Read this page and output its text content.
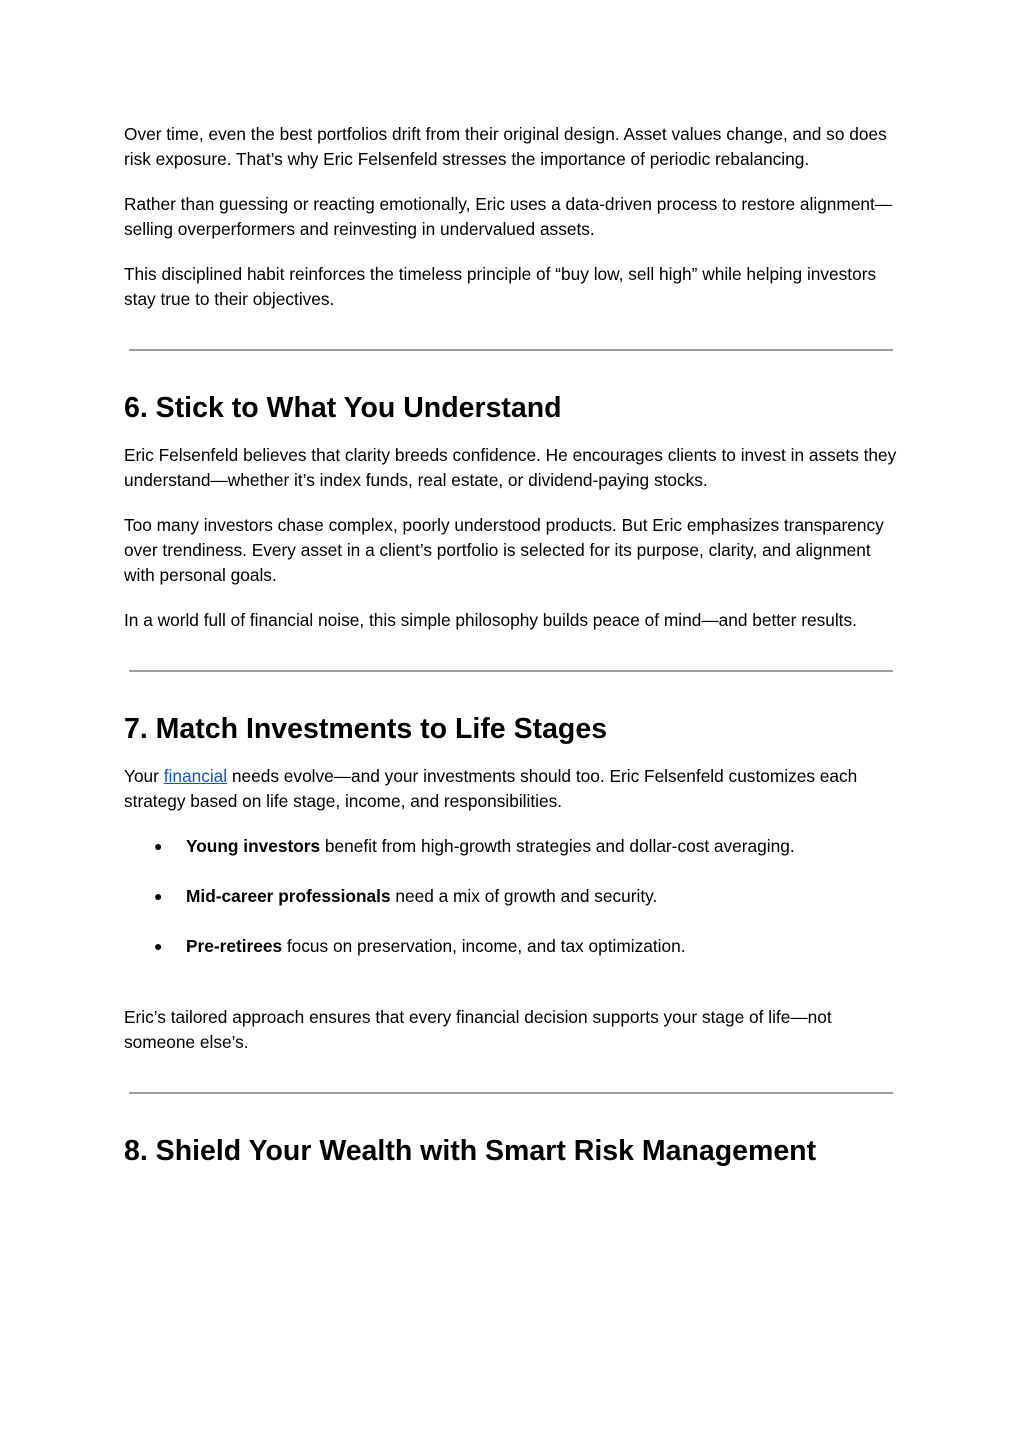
Over time, even the best portfolios drift from their original design. Asset values change, and so does risk exposure. That’s why Eric Felsenfeld stresses the importance of periodic rebalancing.

Rather than guessing or reacting emotionally, Eric uses a data-driven process to restore alignment—selling overperformers and reinvesting in undervalued assets.

This disciplined habit reinforces the timeless principle of “buy low, sell high” while helping investors stay true to their objectives.

6. Stick to What You Understand

Eric Felsenfeld believes that clarity breeds confidence. He encourages clients to invest in assets they understand—whether it’s index funds, real estate, or dividend-paying stocks.

Too many investors chase complex, poorly understood products. But Eric emphasizes transparency over trendiness. Every asset in a client’s portfolio is selected for its purpose, clarity, and alignment with personal goals.

In a world full of financial noise, this simple philosophy builds peace of mind—and better results.

7. Match Investments to Life Stages

Your financial needs evolve—and your investments should too. Eric Felsenfeld customizes each strategy based on life stage, income, and responsibilities.

● Young investors benefit from high-growth strategies and dollar-cost averaging.
● Mid-career professionals need a mix of growth and security.
● Pre-retirees focus on preservation, income, and tax optimization.

Eric’s tailored approach ensures that every financial decision supports your stage of life—not someone else’s.

8. Shield Your Wealth with Smart Risk Management
